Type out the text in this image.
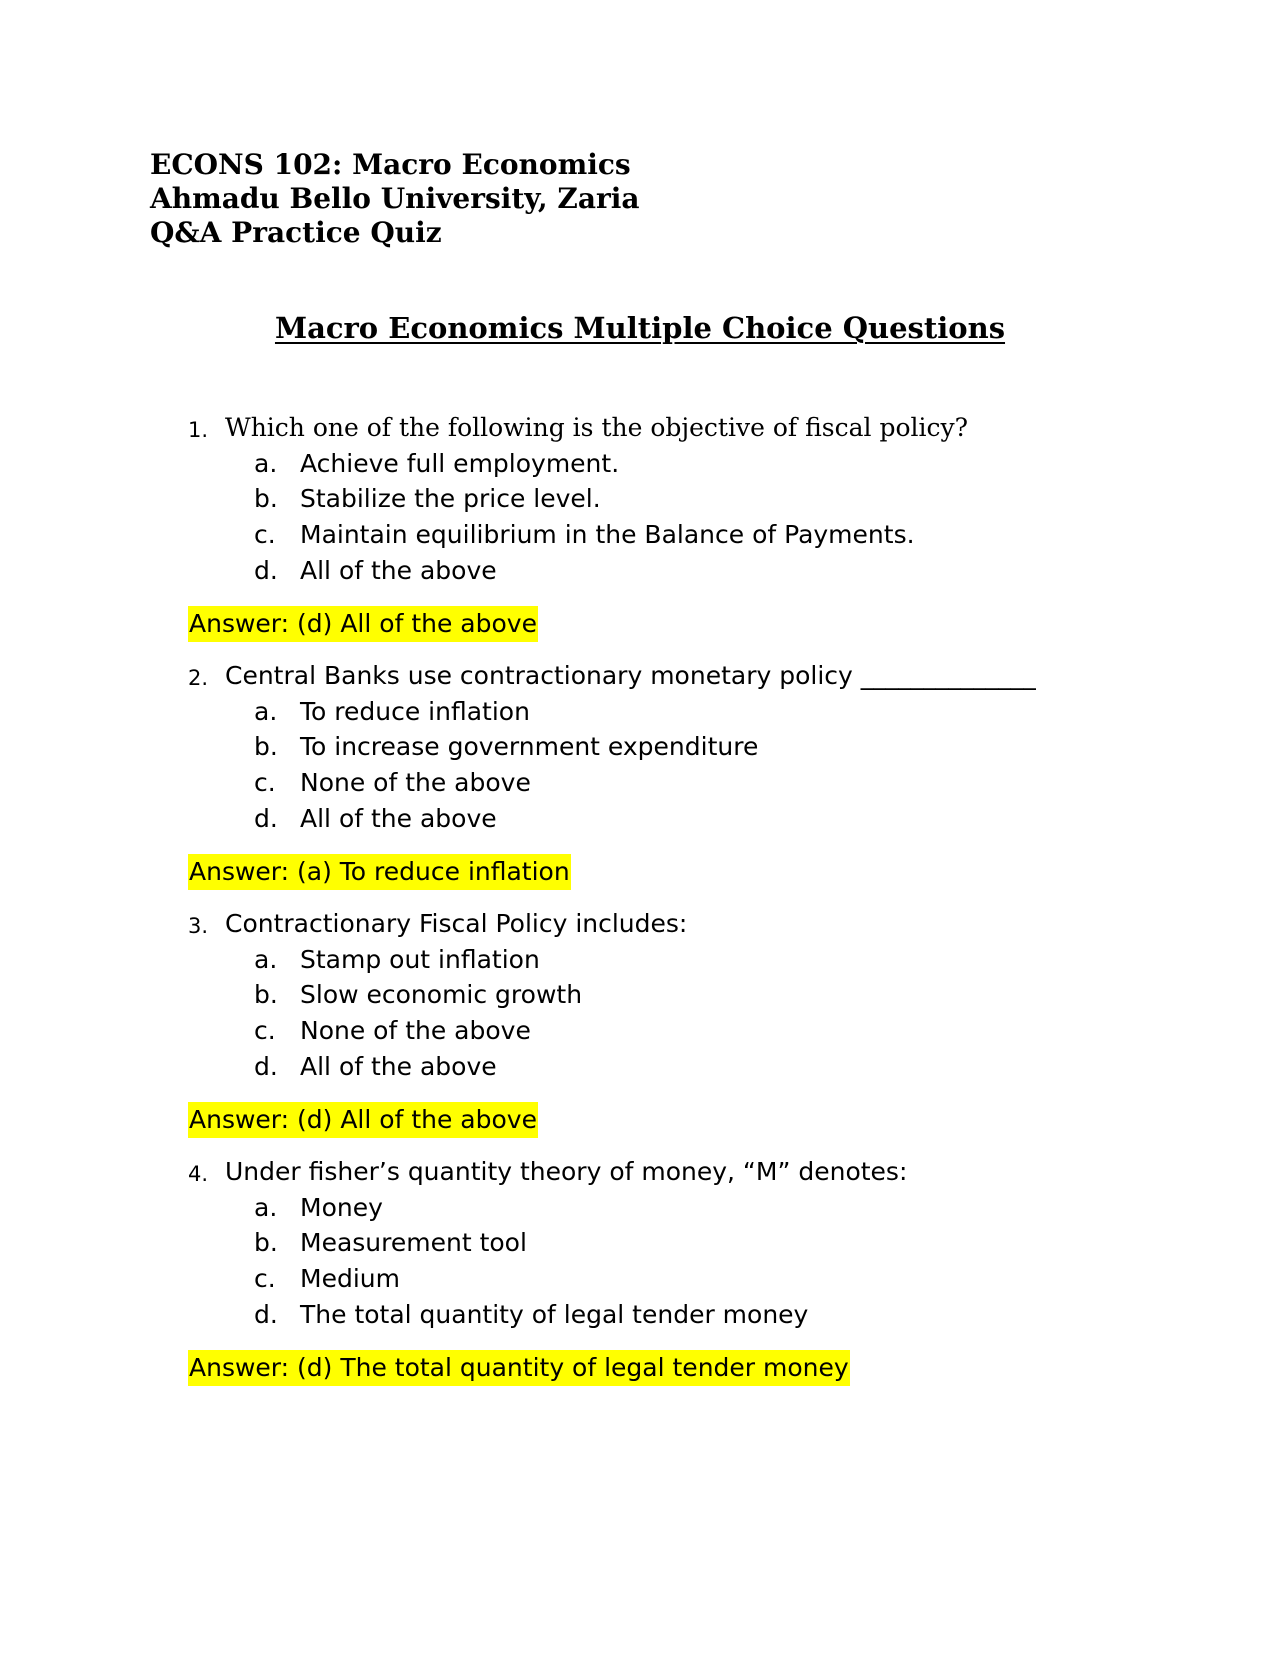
ECONS 102: Macro Economics
Ahmadu Bello University, Zaria
Q&A Practice Quiz
Macro Economics Multiple Choice Questions
1. Which one of the following is the objective of fiscal policy?
a. Achieve full employment.
b. Stabilize the price level.
c. Maintain equilibrium in the Balance of Payments.
d. All of the above
Answer: (d) All of the above
2. Central Banks use contractionary monetary policy ______________
a. To reduce inflation
b. To increase government expenditure
c. None of the above
d. All of the above
Answer: (a) To reduce inflation
3. Contractionary Fiscal Policy includes:
a. Stamp out inflation
b. Slow economic growth
c. None of the above
d. All of the above
Answer: (d) All of the above
4. Under fisher’s quantity theory of money, “M” denotes:
a. Money
b. Measurement tool
c. Medium
d. The total quantity of legal tender money
Answer: (d) The total quantity of legal tender money
